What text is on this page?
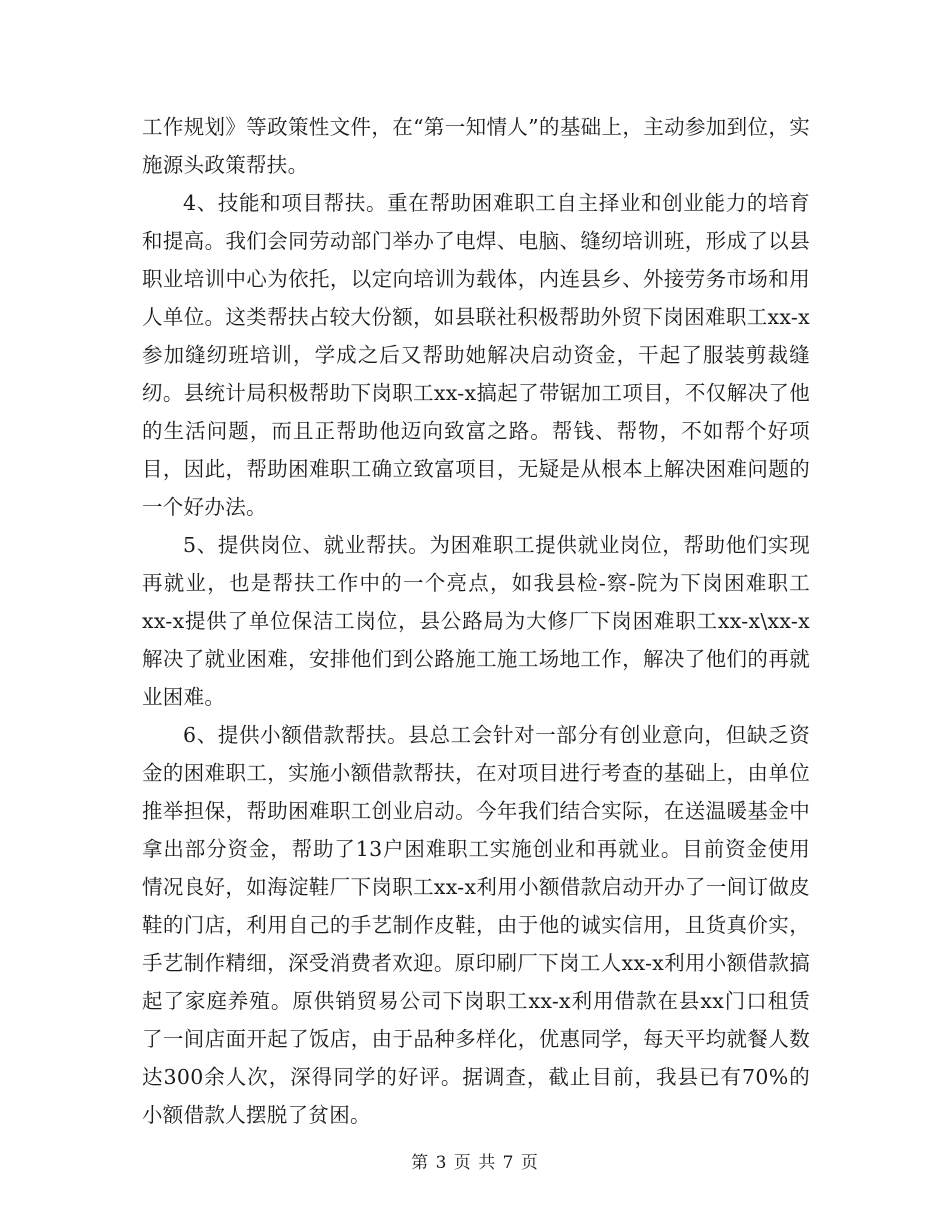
工作规划》等政策性文件，在“第一知情人”的基础上，主动参加到位，实施源头政策帮扶。

4、技能和项目帮扶。重在帮助困难职工自主择业和创业能力的培育和提高。我们会同劳动部门举办了电焊、电脑、缝纫培训班，形成了以县职业培训中心为依托，以定向培训为载体，内连县乡、外接劳务市场和用人单位。这类帮扶占较大份额，如县联社积极帮助外贸下岗困难职工xx-x参加缝纫班培训，学成之后又帮助她解决启动资金，干起了服装剪裁缝纫。县统计局积极帮助下岗职工xx-x搞起了带锯加工项目，不仅解决了他的生活问题，而且正帮助他迈向致富之路。帮钱、帮物，不如帮个好项目，因此，帮助困难职工确立致富项目，无疑是从根本上解决困难问题的一个好办法。

5、提供岗位、就业帮扶。为困难职工提供就业岗位，帮助他们实现再就业，也是帮扶工作中的一个亮点，如我县检-察-院为下岗困难职工xx-x提供了单位保洁工岗位，县公路局为大修厂下岗困难职工xx-x\xx-x解决了就业困难，安排他们到公路施工施工场地工作，解决了他们的再就业困难。

6、提供小额借款帮扶。县总工会针对一部分有创业意向，但缺乏资金的困难职工，实施小额借款帮扶，在对项目进行考查的基础上，由单位推举担保，帮助困难职工创业启动。今年我们结合实际，在送温暖基金中拿出部分资金，帮助了13户困难职工实施创业和再就业。目前资金使用情况良好，如海淀鞋厂下岗职工xx-x利用小额借款启动开办了一间订做皮鞋的门店，利用自己的手艺制作皮鞋，由于他的诚实信用，且货真价实，手艺制作精细，深受消费者欢迎。原印刷厂下岗工人xx-x利用小额借款搞起了家庭养殖。原供销贸易公司下岗职工xx-x利用借款在县xx门口租赁了一间店面开起了饭店，由于品种多样化，优惠同学，每天平均就餐人数达300余人次，深得同学的好评。据调查，截止目前，我县已有70%的小额借款人摆脱了贫困。

第 3 页 共 7 页
